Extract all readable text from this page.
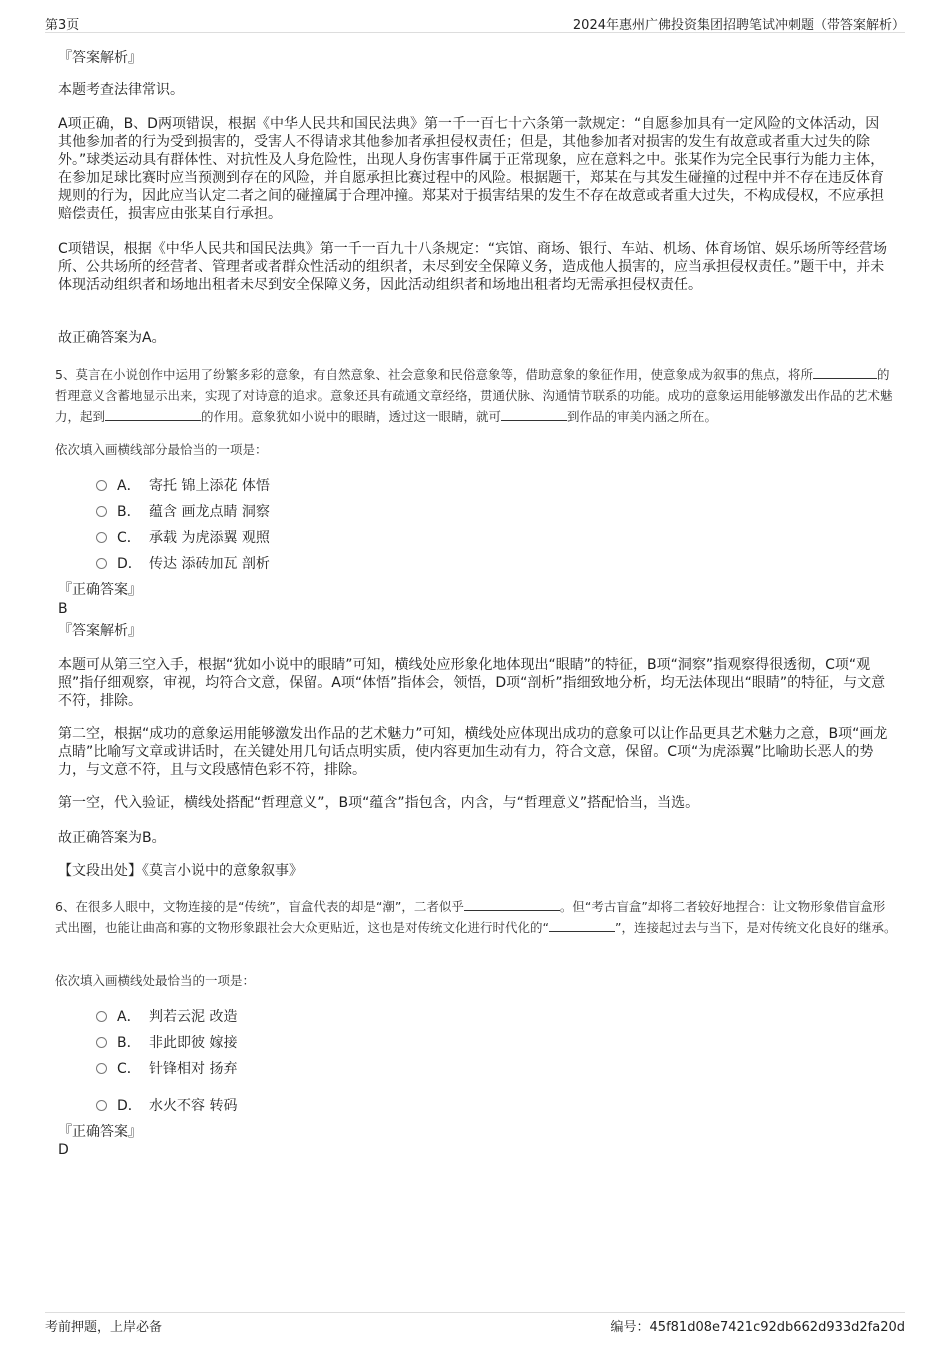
第3页	2024年惠州广佛投资集团招聘笔试冲刺题（带答案解析）
『答案解析』
本题考查法律常识。
A项正确，B、D两项错误，根据《中华人民共和国民法典》第一千一百七十六条第一款规定：“自愿参加具有一定风险的文体活动，因其他参加者的行为受到损害的，受害人不得请求其他参加者承担侵权责任；但是，其他参加者对损害的发生有故意或者重大过失的除外。”球类运动具有群体性、对抗性及人身危险性，出现人身伤害事件属于正常现象，应在意料之中。张某作为完全民事行为能力主体，在参加足球比赛时应当预测到存在的风险，并自愿承担比赛过程中的风险。根据题干，郑某在与其发生碰撞的过程中并不存在违反体育规则的行为，因此应当认定二者之间的碰撞属于合理冲撞。郑某对于损害结果的发生不存在故意或者重大过失，不构成侵权，不应承担赔偿责任，损害应由张某自行承担。
C项错误，根据《中华人民共和国民法典》第一千一百九十八条规定：“宾馆、商场、银行、车站、机场、体育场馆、娱乐场所等经营场所、公共场所的经营者、管理者或者群众性活动的组织者，未尽到安全保障义务，造成他人损害的，应当承担侵权责任。”题干中，并未体现活动组织者和场地出租者未尽到安全保障义务，因此活动组织者和场地出租者均无需承担侵权责任。
故正确答案为A。
5、莫言在小说创作中运用了纷繁多彩的意象，有自然意象、社会意象和民俗意象等，借助意象的象征作用，使意象成为叙事的焦点，将所	的哲理意义含蓄地显示出来，实现了对诗意的追求。意象还具有疏通文章经络，贯通伏脉、沟通情节联系的功能。成功的意象运用能够激发出作品的艺术魅力，起到	的作用。意象犹如小说中的眼睛，透过这一眼睛，就可	到作品的审美内涵之所在。
依次填入画横线部分最恰当的一项是：
A． 寄托 锦上添花 体悟
B． 蕴含 画龙点睛 洞察
C． 承载 为虎添翼 观照
D． 传达 添砖加瓦 剖析
『正确答案』
B
『答案解析』
本题可从第三空入手，根据“犹如小说中的眼睛”可知，横线处应形象化地体现出“眼睛”的特征，B项“洞察”指观察得很透彻，C项“观照”指仔细观察，审视，均符合文意，保留。A项“体悟”指体会，领悟，D项“剖析”指细致地分析，均无法体现出“眼睛”的特征，与文意不符，排除。
第二空，根据“成功的意象运用能够激发出作品的艺术魅力”可知，横线处应体现出成功的意象可以让作品更具艺术魅力之意，B项“画龙点睛”比喻写文章或讲话时，在关键处用几句话点明实质，使内容更加生动有力，符合文意，保留。C项“为虎添翼”比喻助长恶人的势力，与文意不符，且与文段感情色彩不符，排除。
第一空，代入验证，横线处搭配“哲理意义”，B项“蕴含”指包含，内含，与“哲理意义”搭配恰当，当选。
故正确答案为B。
【文段出处】《莫言小说中的意象叙事》
6、在很多人眼中，文物连接的是“传统”，盲盒代表的却是“潮”，二者似乎	。但“考古盲盒”却将二者较好地捏合：让文物形象借盲盒形式出圈，也能让曲高和寡的文物形象跟社会大众更贴近，这也是对传统文化进行时代化的“	”，连接起过去与当下，是对传统文化良好的继承。
依次填入画横线处最恰当的一项是：
A． 判若云泥 改造
B． 非此即彼 嫁接
C． 针锋相对 扬弃
D． 水火不容 转码
『正确答案』
D
考前押题，上岸必备	编号：45f81d08e7421c92db662d933d2fa20d
